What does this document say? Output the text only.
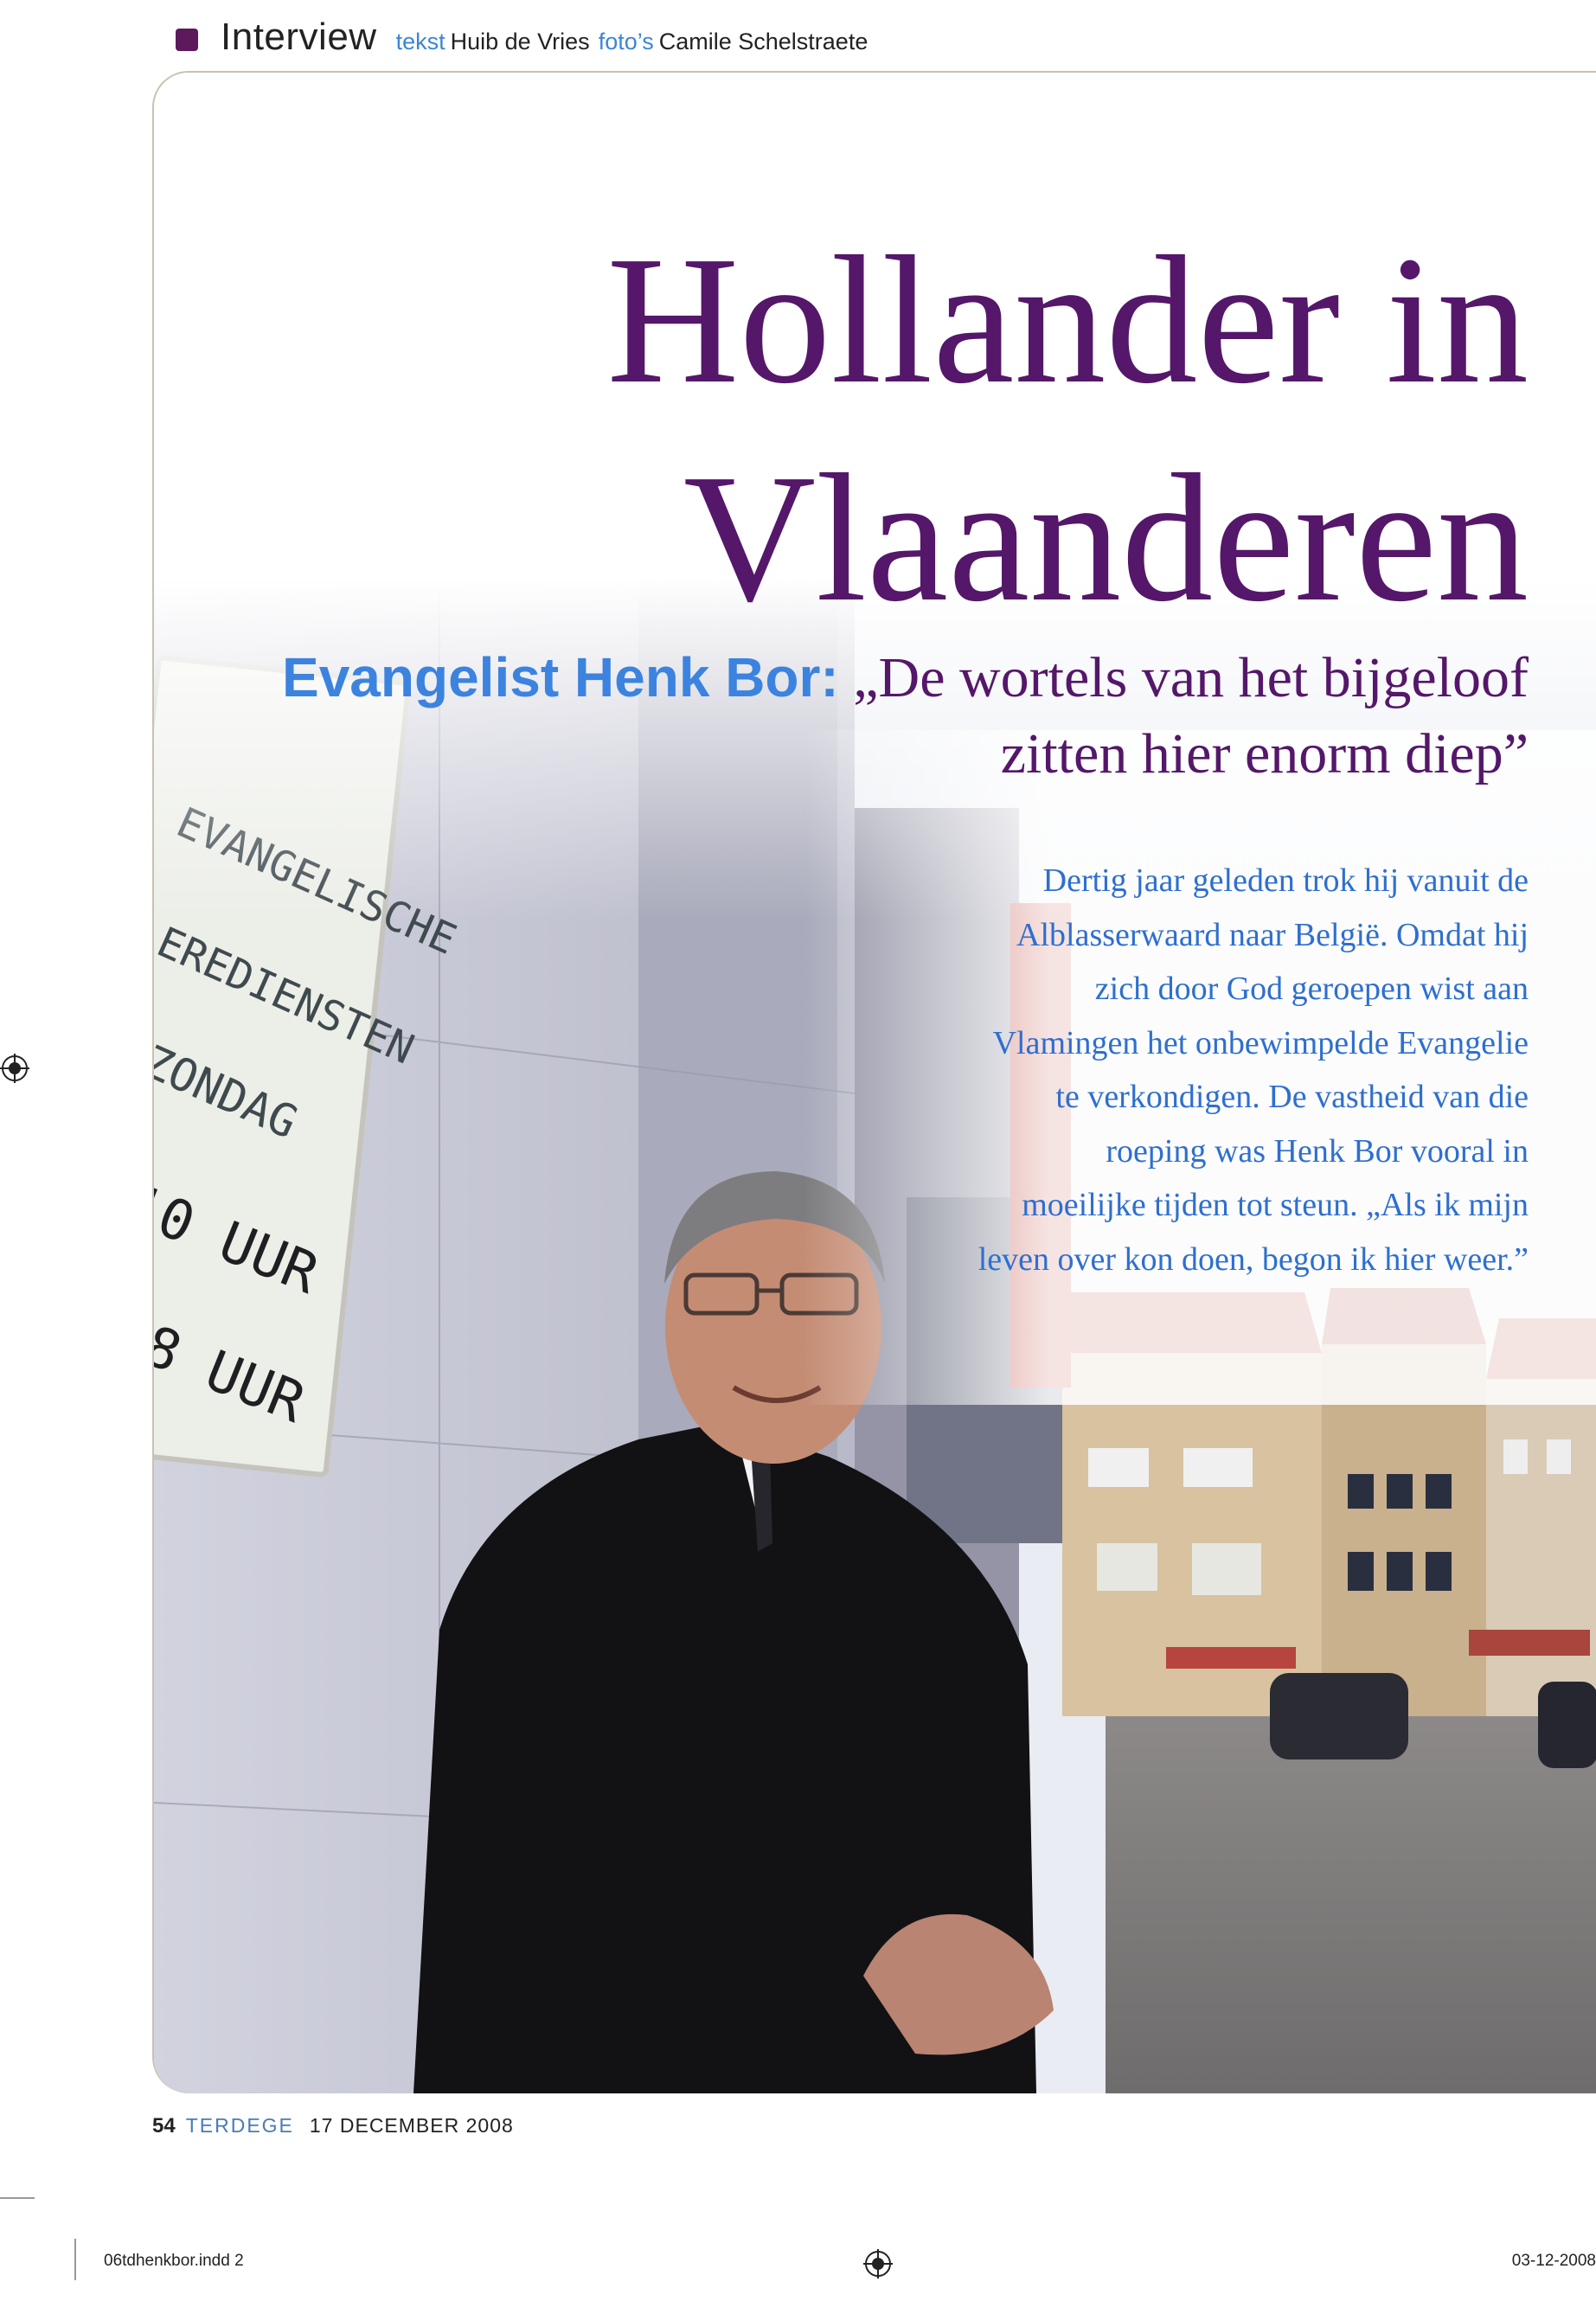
Interview tekst Huib de Vries foto’s Camile Schelstraete
Hollander in
Vlaanderen
Evangelist Henk Bor: „De wortels van het bijgeloof zitten hier enorm diep”
Dertig jaar geleden trok hij vanuit de Alblasserwaard naar België. Omdat hij zich door God geroepen wist aan Vlamingen het onbewimpelde Evangelie te verkondigen. De vastheid van die roeping was Henk Bor vooral in moeilijke tijden tot steun. „Als ik mijn leven over kon doen, begon ik hier weer.”
54 TERDEGE 17 DECEMBER 2008
06tdhenkbor.indd 2	03-12-2008
